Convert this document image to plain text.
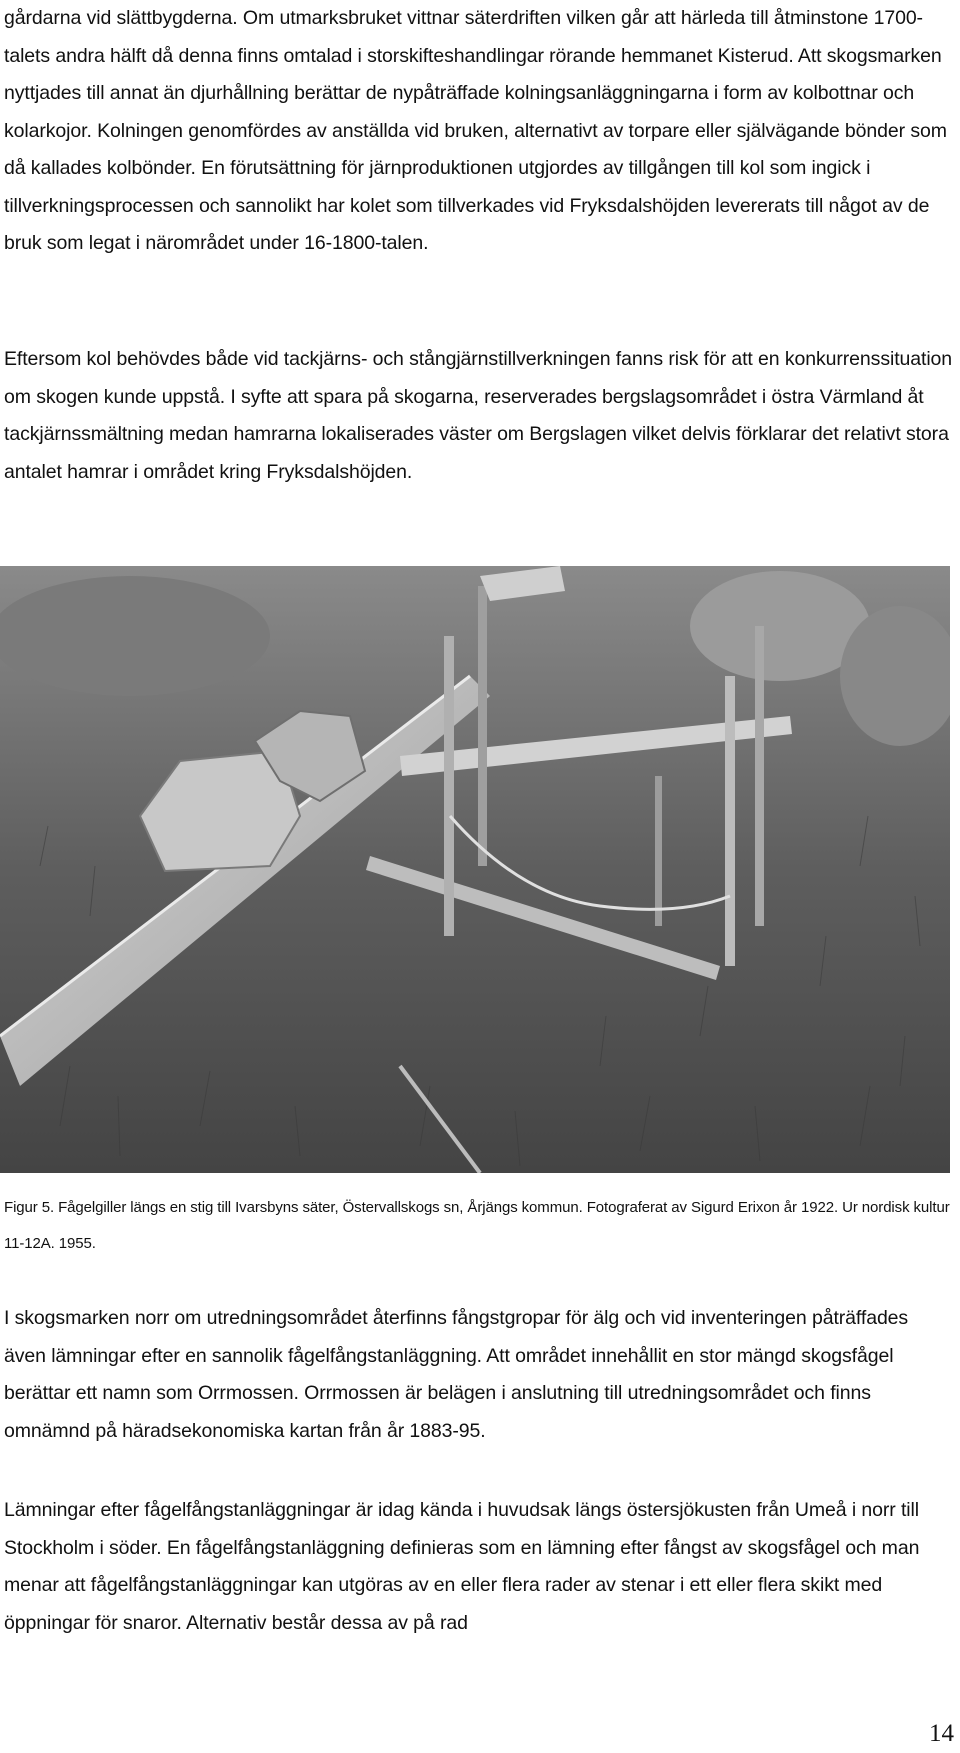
gårdarna vid slättbygderna. Om utmarksbruket vittnar säterdriften vilken går att härleda till åtminstone 1700-talets andra hälft då denna finns omtalad i storskifteshandlingar rörande hemmanet Kisterud. Att skogsmarken nyttjades till annat än djurhållning berättar de nypåträffade kolningsanläggningarna i form av kolbottnar och kolarkojor. Kolningen genomfördes av anställda vid bruken, alternativt av torpare eller självägande bönder som då kallades kolbönder. En förutsättning för järnproduktionen utgjordes av tillgången till kol som ingick i tillverkningsprocessen och sannolikt har kolet som tillverkades vid Fryksdalshöjden levererats till något av de bruk som legat i närområdet under 16-1800-talen.

Eftersom kol behövdes både vid tackjärns- och stångjärnstillverkningen fanns risk för att en konkurrenssituation om skogen kunde uppstå. I syfte att spara på skogarna, reserverades bergslagsområdet i östra Värmland åt tackjärnssmältning medan hamrarna lokaliserades väster om Bergslagen vilket delvis förklarar det relativt stora antalet hamrar i området kring Fryksdalshöjden.

Figur 5. Fågelgiller längs en stig till Ivarsbyns säter, Östervallskogs sn, Årjängs kommun. Fotograferat av Sigurd Erixon år 1922. Ur nordisk kultur 11-12A. 1955.

I skogsmarken norr om utredningsområdet återfinns fångstgropar för älg och vid inventeringen påträffades även lämningar efter en sannolik fågelfångstanläggning. Att området innehållit en stor mängd skogsfågel berättar ett namn som Orrmossen. Orrmossen är belägen i anslutning till utredningsområdet och finns omnämnd på häradsekonomiska kartan från år 1883-95.

Lämningar efter fågelfångstanläggningar är idag kända i huvudsak längs östersjökusten från Umeå i norr till Stockholm i söder. En fågelfångstanläggning definieras som en lämning efter fångst av skogsfågel och man menar att fågelfångstanläggningar kan utgöras av en eller flera rader av stenar i ett eller flera skikt med öppningar för snaror. Alternativ består dessa av på rad

14
